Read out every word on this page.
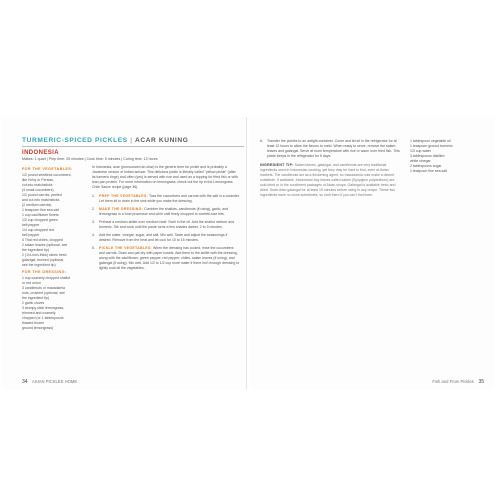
TURMERIC-SPICED PICKLES | ACAR KUNING
INDONESIA
Makes: 1 quart | Prep time: 25 minutes | Cook time: 5 minutes | Curing time: 12 hours
FOR THE VEGETABLES:
1/2 pound seedless cucumbers,
like Kirby or Persian,
cut into matchsticks
(4 small cucumbers)
1/2 pound carrots, peeled
and cut into matchsticks
(2 medium carrots)
1 teaspoon fine sea salt
1 cup cauliflower florets
1/2 cup chopped green
bell pepper
1/4 cup chopped red
bell pepper
4 Thai red chiles, chopped
2 salam leaves (optional, see
the ingredient tip)
2 (1/4-inch-thick) slices fresh
galangal, bruised (optional,
see the ingredient tip)
FOR THE DRESSING:
1 cup coarsely chopped shallot
or red onion
3 candlenuts or macadamia
nuts, crushed (optional, see
the ingredient tip)
2 garlic cloves
3 stumpy stick lemongrass,
trimmed and coarsely
chopped (or 1 tablespoons
thawed frozen
ground lemongrass)

In Indonesia, acar (pronounced ah-char) is the generic term for pickle and is probably a Javanese version of Indian achaar. This delicious pickle is literally called "yellow pickle" (after its turmeric tinge) and often (yes) is served with rice and used as a topping for fried fish or with lean pan protein. For more information on lemongrass, check out the tip in the Lemongrass Chile Sauce recipe (page 36).

1.	PREP THE VEGETABLES: Toss the cucumbers and carrots with the salt in a colander. Let them sit to drain in the sink while you make the dressing.
2.	MAKE THE DRESSING: Combine the shallots, candlenuts (if using), garlic, and lemongrass in a food processor and whirl until finely chopped to confetti-size bits.
3.	Preheat a medium skillet over medium heat. Swirl in the oil. Add the shallot mixture and turmeric. Stir and cook until the paste turns a few shades darker, 2 to 3 minutes.
4.	Add the water, vinegar, sugar, and salt. Mix well. Taste and adjust the seasonings if desired. Remove from the heat and let cool for 10 to 15 minutes.
5.	PICKLE THE VEGETABLES: When the dressing has cooled, rinse the cucumbers and carrots. Drain and pat dry with paper towels. Add them to the skillet with the dressing, along with the cauliflower, green pepper, red pepper, chiles, salam leaves (if using), and galangal (if using). Mix well. Add 1/2 to 1/2 cup more water if there isn't enough dressing to lightly coat all the vegetables.
34 ASIAN PICKLES HOME
6.	Transfer the pickles to an airtight container. Cover and let sit in the refrigerator for at least 12 hours to allow the flavors to meld. When ready to serve, remove the salam leaves and galangal. Serve at room temperature with rice or warm over fried fish. This pickle keeps in the refrigerator for 5 days.
INGREDIENT TIP: Salam leaves, galangal, and candlenuts are very traditional ingredients used in Indonesian cooking, yet they may be hard to find, even at Asian markets. The candlenuts act as a thickening agent, so macadamia nuts make a decent substitute. If available, Indonesian bay leaves called salam (Syzygium polyanthum) are sold dried or in the condiment packages of Asian shops. Galangal is available fresh and dried. Soak dried galangal for at least 15 minutes before using in any recipe. These two ingredients have no close substitutes, so omit them if you can't find them.
1 tablespoon vegetable oil
1 teaspoon ground turmeric
1/3 cup water
3 tablespoons distilled
white vinegar
2 tablespoons sugar
1 teaspoon fine sea salt
Fish and From Pickles 35
